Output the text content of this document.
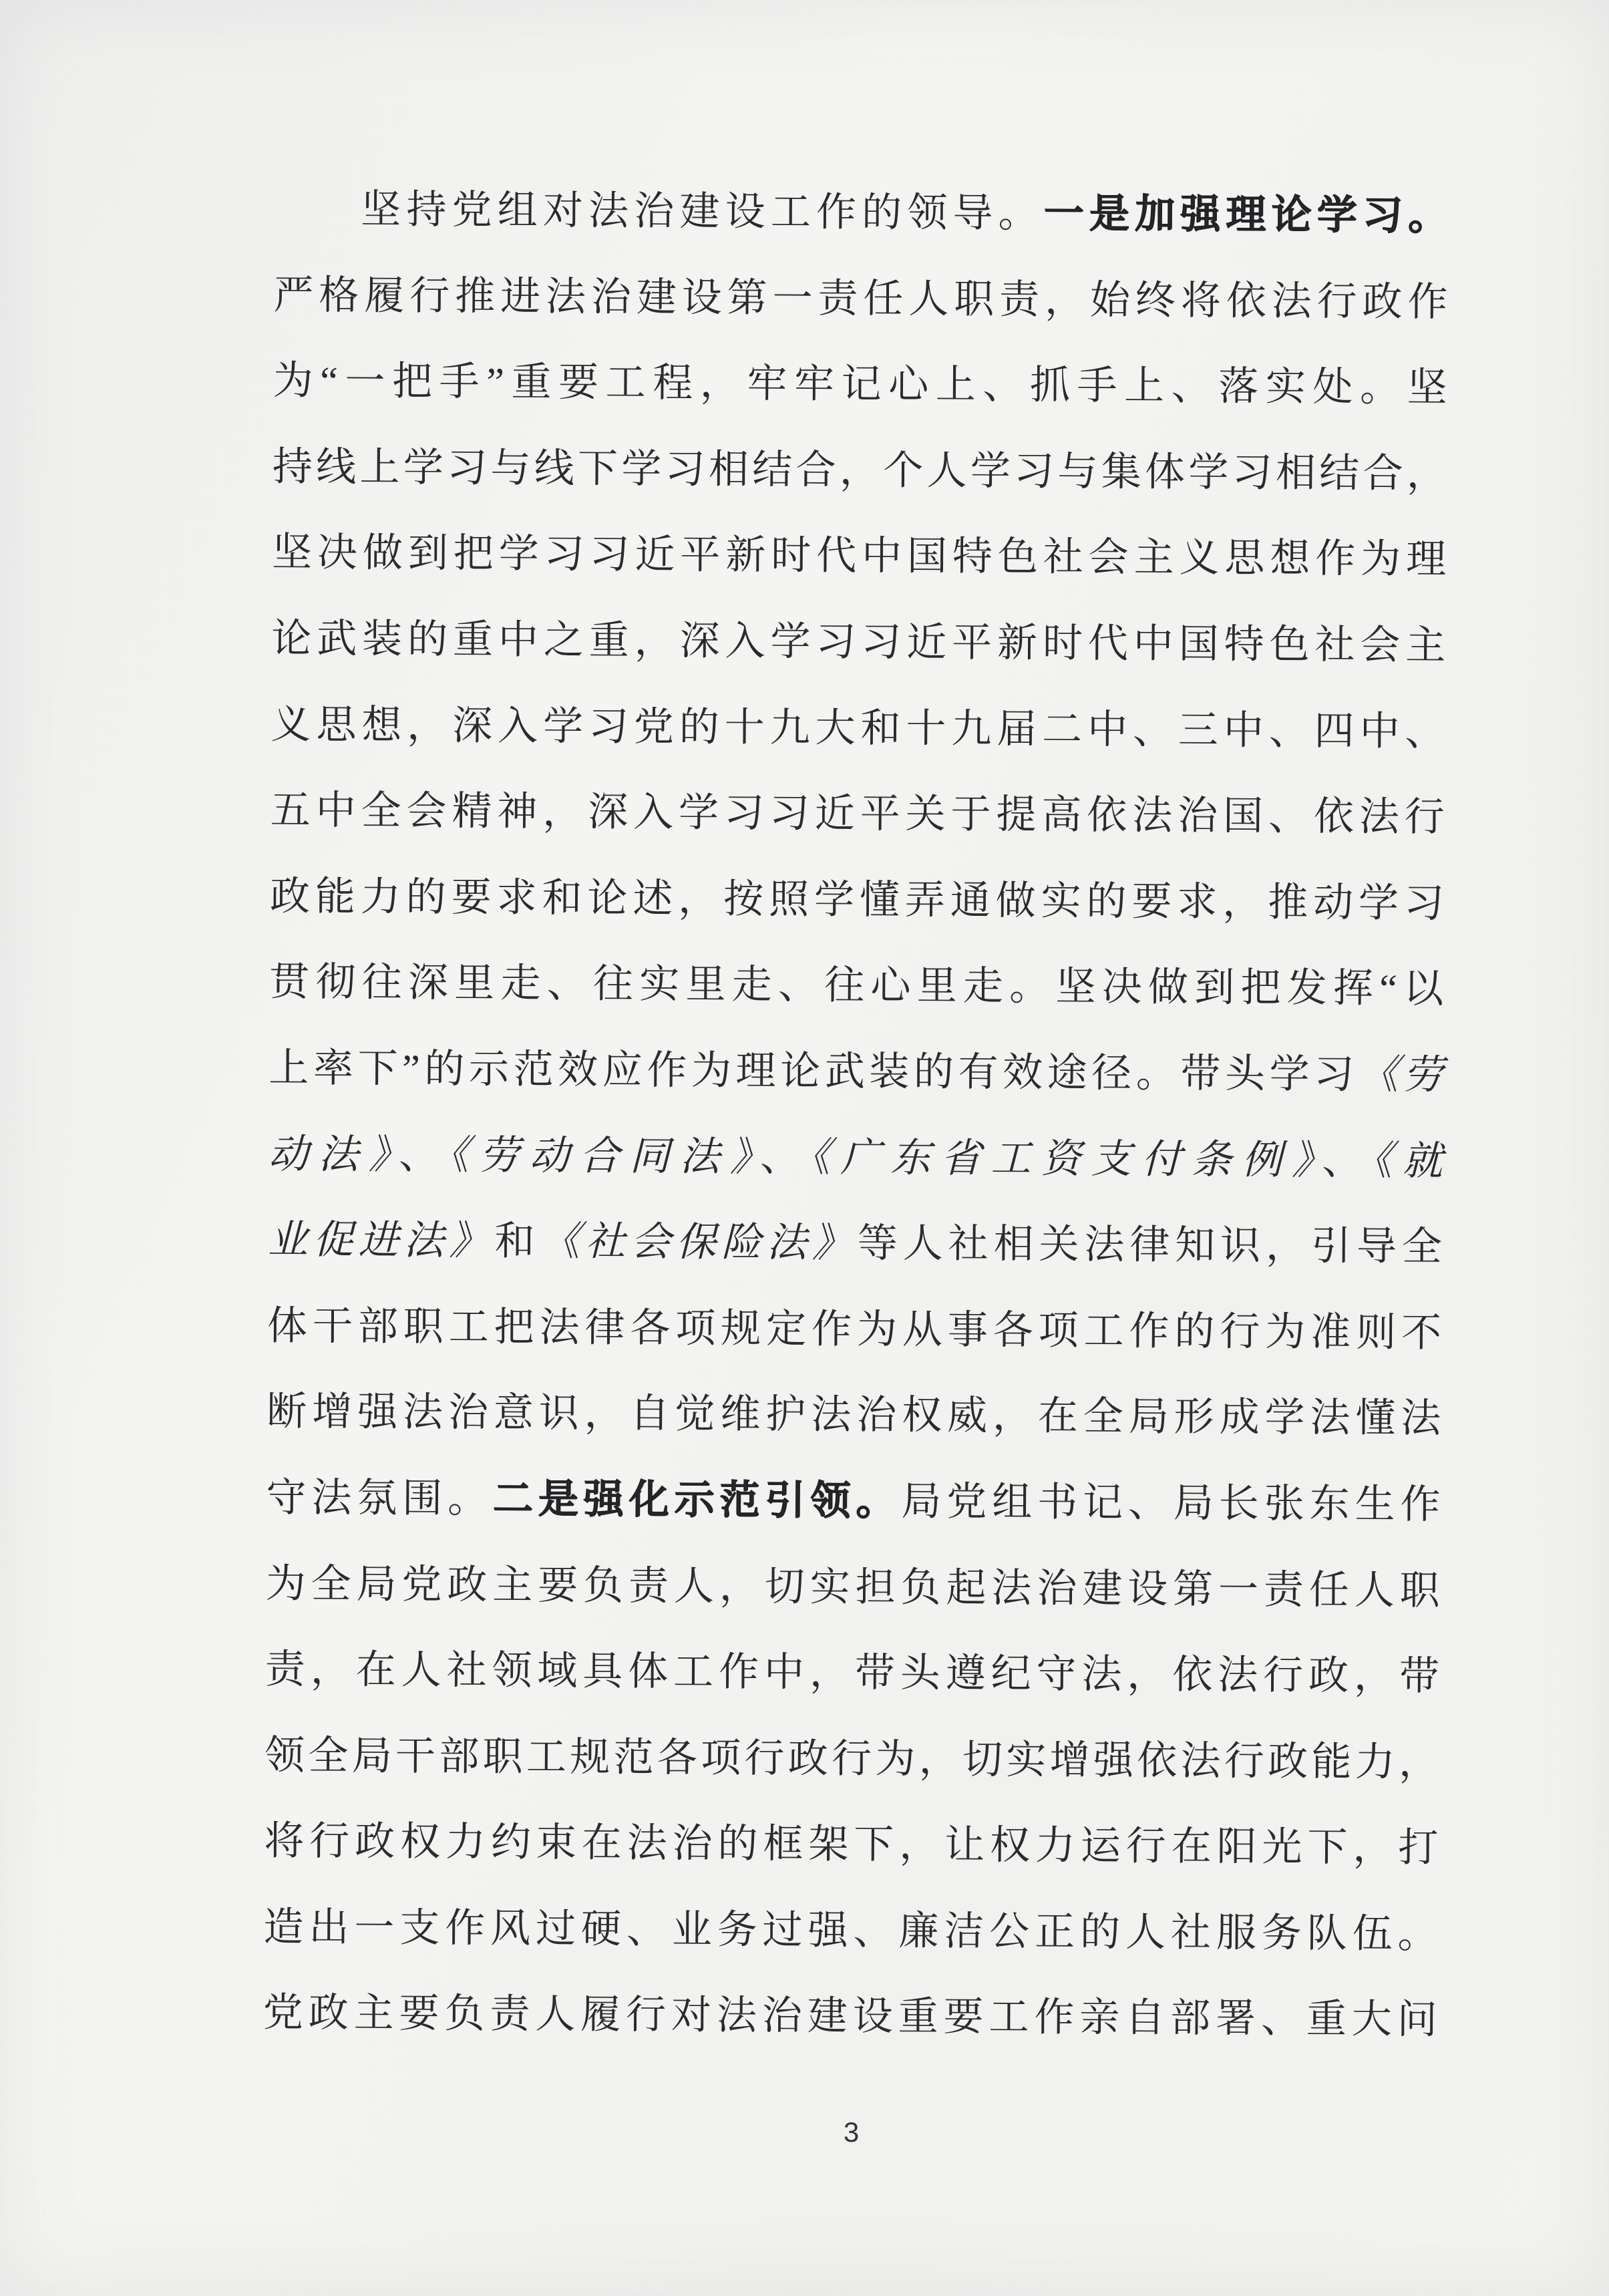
坚持党组对法治建设工作的领导。一是加强理论学习。
严格履行推进法治建设第一责任人职责，始终将依法行政作
为“一把手”重要工程，牢牢记心上、抓手上、落实处。坚
持线上学习与线下学习相结合，个人学习与集体学习相结合，
坚决做到把学习习近平新时代中国特色社会主义思想作为理
论武装的重中之重，深入学习习近平新时代中国特色社会主
义思想，深入学习党的十九大和十九届二中、三中、四中、
五中全会精神，深入学习习近平关于提高依法治国、依法行
政能力的要求和论述，按照学懂弄通做实的要求，推动学习
贯彻往深里走、往实里走、往心里走。坚决做到把发挥“以
上率下”的示范效应作为理论武装的有效途径。带头学习《劳
动法》、《劳动合同法》、《广东省工资支付条例》、《就
业促进法》和《社会保险法》等人社相关法律知识，引导全
体干部职工把法律各项规定作为从事各项工作的行为准则不
断增强法治意识，自觉维护法治权威，在全局形成学法懂法
守法氛围。二是强化示范引领。局党组书记、局长张东生作
为全局党政主要负责人，切实担负起法治建设第一责任人职
责，在人社领域具体工作中，带头遵纪守法，依法行政，带
领全局干部职工规范各项行政行为，切实增强依法行政能力，
将行政权力约束在法治的框架下，让权力运行在阳光下，打
造出一支作风过硬、业务过强、廉洁公正的人社服务队伍。
党政主要负责人履行对法治建设重要工作亲自部署、重大问
3
